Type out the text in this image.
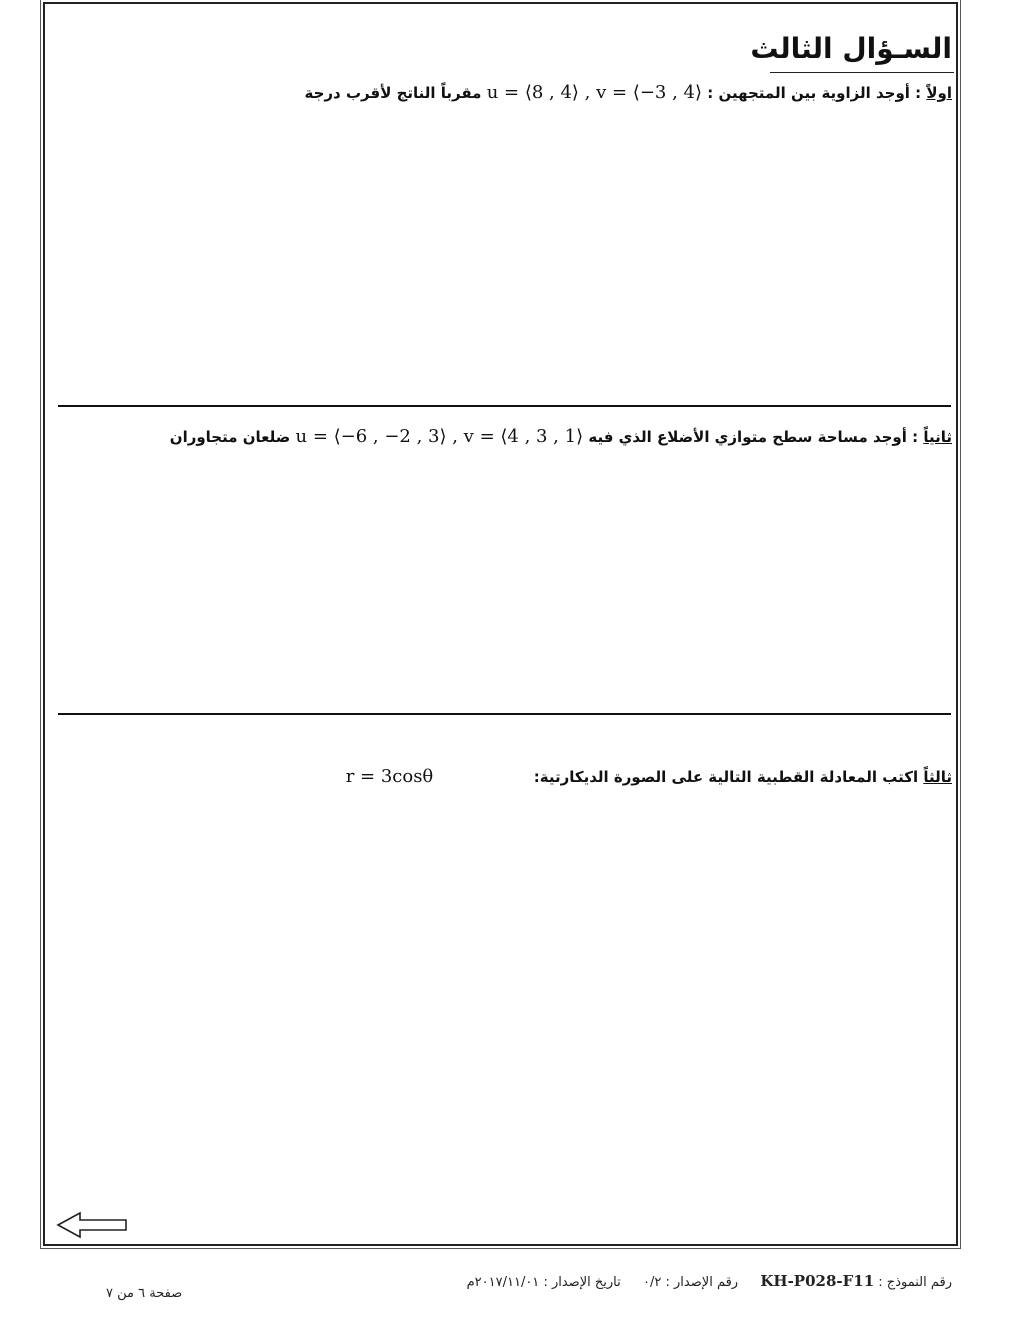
السـؤال الثالث
اولاً : أوجد الزاوية بين المتجهين : u = ⟨8 , 4⟩ , v = ⟨−3 , 4⟩ مقرباً الناتج لأقرب درجة
ثانياً : أوجد مساحة سطح متوازي الأضلاع الذي فيه u = ⟨−6 , −2 , 3⟩ , v = ⟨4 , 3 , 1⟩ ضلعان متجاوران
ثالثاً اكتب المعادلة القطبية التالية على الصورة الديكارتية:  r = 3cosθ
رقم النموذج : KH-P028-F11  رقم الإصدار : ٠/٢  تاريخ الإصدار : ٢٠١٧/١١/٠١م
صفحة ٦ من ٧
